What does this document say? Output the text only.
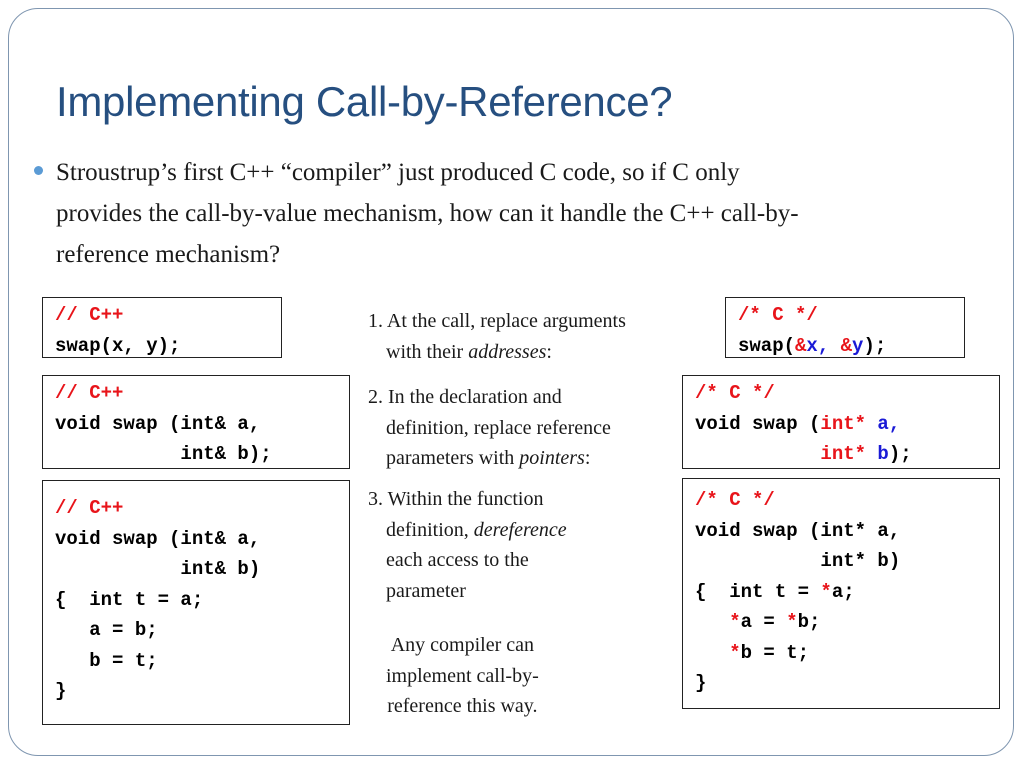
Implementing Call-by-Reference?
Stroustrup’s first C++ “compiler” just produced C code, so if C only
provides the call-by-value mechanism, how can it handle the C++ call-by-
reference mechanism?
// C++
swap(x, y);
// C++
void swap (int& a,
int& b);
// C++
void swap (int& a,
int& b)
{  int t = a;
a = b;
b = t;
}
1. At the call, replace arguments
with their addresses:
2. In the declaration and
definition, replace reference
parameters with pointers:
3. Within the function
definition, dereference
each access to the
parameter
Any compiler can
implement call-by-
reference this way.
/* C */
swap(&x, &y);
/* C */
void swap (int* a,
int* b);
/* C */
void swap (int* a,
int* b)
{  int t = *a;
*a = *b;
*b = t;
}
